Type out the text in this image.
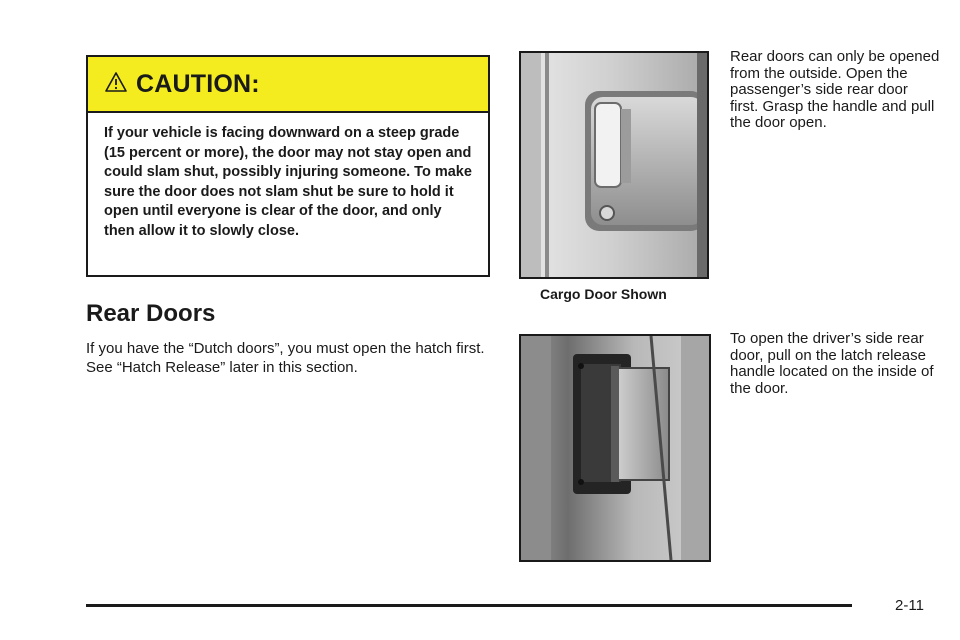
CAUTION:

If your vehicle is facing downward on a steep grade (15 percent or more), the door may not stay open and could slam shut, possibly injuring someone. To make sure the door does not slam shut be sure to hold it open until everyone is clear of the door, and only then allow it to slowly close.

Rear Doors

If you have the “Dutch doors”, you must open the hatch first. See “Hatch Release” later in this section.

Cargo Door Shown

Rear doors can only be opened from the outside. Open the passenger’s side rear door first. Grasp the handle and pull the door open.

To open the driver’s side rear door, pull on the latch release handle located on the inside of the door.

2-11
